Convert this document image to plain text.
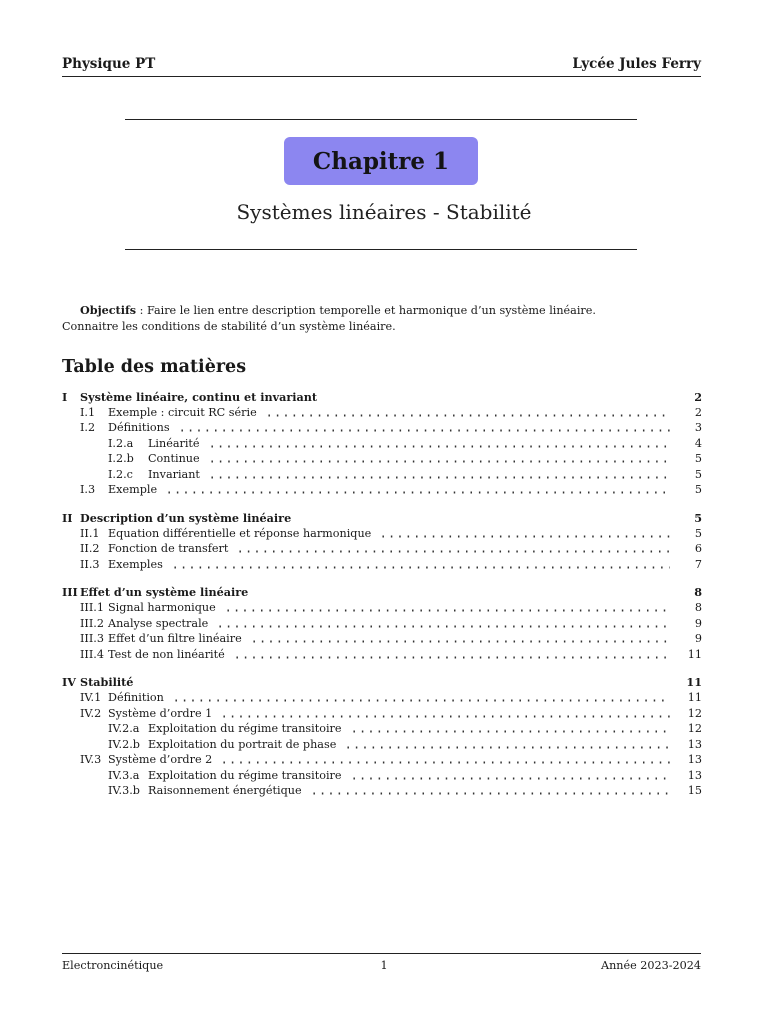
Physique PT	Lycée Jules Ferry
Chapitre 1
Systèmes linéaires - Stabilité
Objectifs : Faire le lien entre description temporelle et harmonique d’un système linéaire.
Connaitre les conditions de stabilité d’un système linéaire.
Table des matières
I	Système linéaire, continu et invariant	2
I.1	Exemple : circuit RC série	2
I.2	Définitions	3
I.2.a	Linéarité	4
I.2.b	Continue	5
I.2.c	Invariant	5
I.3	Exemple	5
II Description d’un système linéaire	5
II.1 Equation différentielle et réponse harmonique	5
II.2 Fonction de transfert	6
II.3 Exemples	7
III Effet d’un système linéaire	8
III.1 Signal harmonique	8
III.2 Analyse spectrale	9
III.3 Effet d’un filtre linéaire	9
III.4 Test de non linéarité	11
IV Stabilité	11
IV.1 Définition	11
IV.2 Système d’ordre 1	12
IV.2.a Exploitation du régime transitoire	12
IV.2.b Exploitation du portrait de phase	13
IV.3 Système d’ordre 2	13
IV.3.a Exploitation du régime transitoire	13
IV.3.b Raisonnement énergétique	15
Electroncinétique	1	Année 2023-2024
